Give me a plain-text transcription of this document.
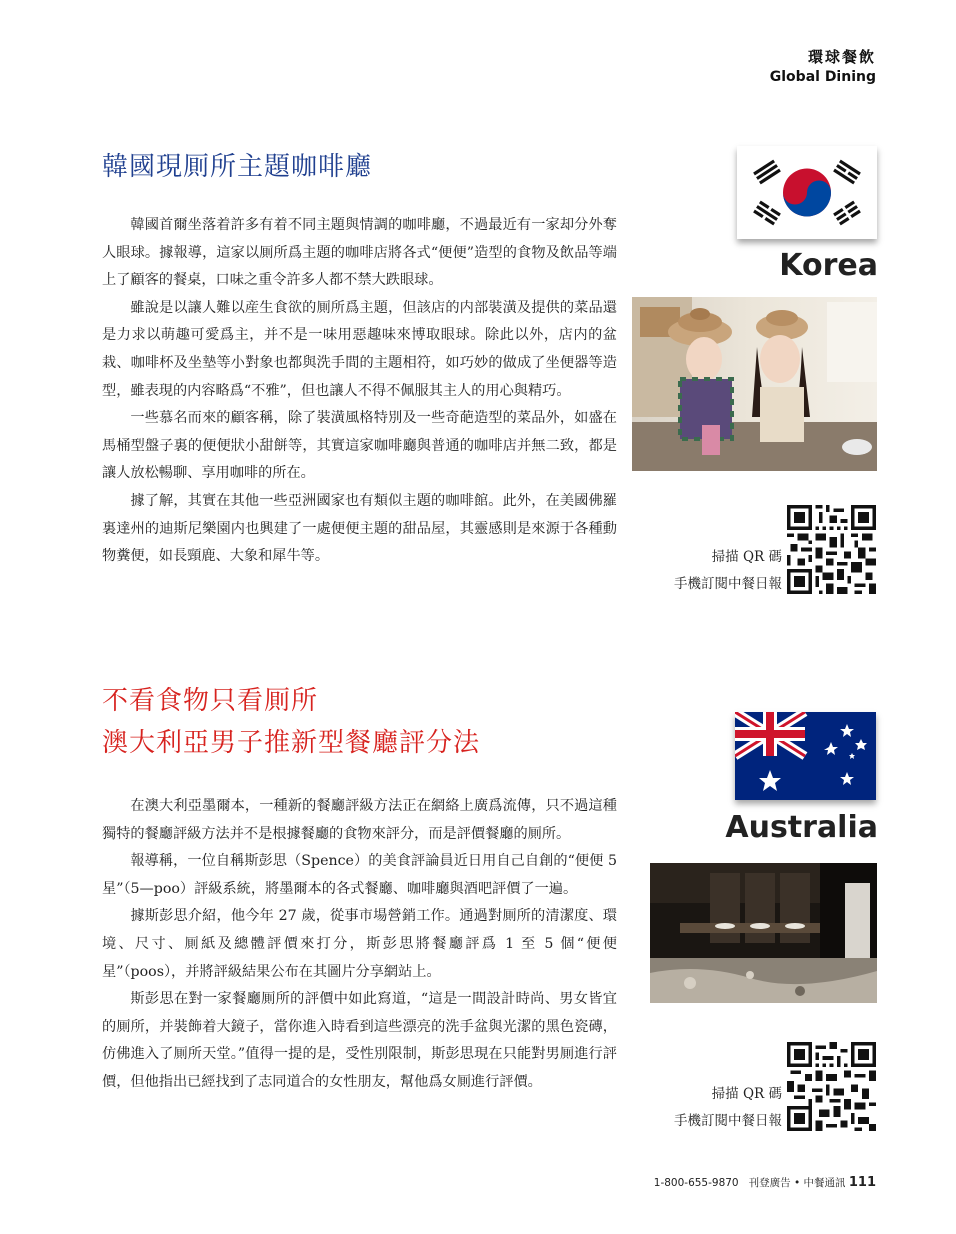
環球餐飲
Global Dining
韓國現厠所主題咖啡廳

韓國首爾坐落着許多有着不同主題與情調的咖啡廳，不過最近有一家却分外奪人眼球。據報導，這家以厠所爲主題的咖啡店將各式“便便”造型的食物及飲品等端上了顧客的餐桌，口味之重令許多人都不禁大跌眼球。

雖說是以讓人難以産生食欲的厠所爲主題，但該店的内部裝潢及提供的菜品還是力求以萌趣可愛爲主，并不是一味用惡趣味來博取眼球。除此以外，店内的盆栽、咖啡杯及坐墊等小對象也都與洗手間的主題相符，如巧妙的做成了坐便器等造型，雖表現的内容略爲“不雅”，但也讓人不得不佩服其主人的用心與精巧。

一些慕名而來的顧客稱，除了裝潢風格特別及一些奇葩造型的菜品外，如盛在馬桶型盤子裏的便便狀小甜餅等，其實這家咖啡廳與普通的咖啡店并無二致，都是讓人放松暢聊、享用咖啡的所在。

據了解，其實在其他一些亞洲國家也有類似主題的咖啡館。此外，在美國佛羅裏達州的迪斯尼樂園内也興建了一處便便主題的甜品屋，其靈感則是來源于各種動物糞便，如長頸鹿、大象和犀牛等。

Korea
掃描 QR 碼
手機訂閱中餐日報
不看食物只看厠所
澳大利亞男子推新型餐廳評分法

在澳大利亞墨爾本，一種新的餐廳評級方法正在網絡上廣爲流傳，只不過這種獨特的餐廳評級方法并不是根據餐廳的食物來評分，而是評價餐廳的厠所。

報導稱，一位自稱斯彭思（Spence）的美食評論員近日用自己自創的“便便 5 星”（5—poo）評級系統，將墨爾本的各式餐廳、咖啡廳與酒吧評價了一遍。

據斯彭思介紹，他今年 27 歲，從事市場營銷工作。通過對厠所的清潔度、環境、尺寸、厠紙及總體評價來打分，斯彭思將餐廳評爲 1 至 5 個“便便星”（poos），并將評級結果公布在其圖片分享網站上。

斯彭思在對一家餐廳厠所的評價中如此寫道，“這是一間設計時尚、男女皆宜的厠所，并裝飾着大鏡子，當你進入時看到這些漂亮的洗手盆與光潔的黑色瓷磚，仿佛進入了厠所天堂。”值得一提的是，受性別限制，斯彭思現在只能對男厠進行評價，但他指出已經找到了志同道合的女性朋友，幫他爲女厠進行評價。

Australia
掃描 QR 碼
手機訂閱中餐日報
1-800-655-9870 刊登廣告 • 中餐通訊 111
